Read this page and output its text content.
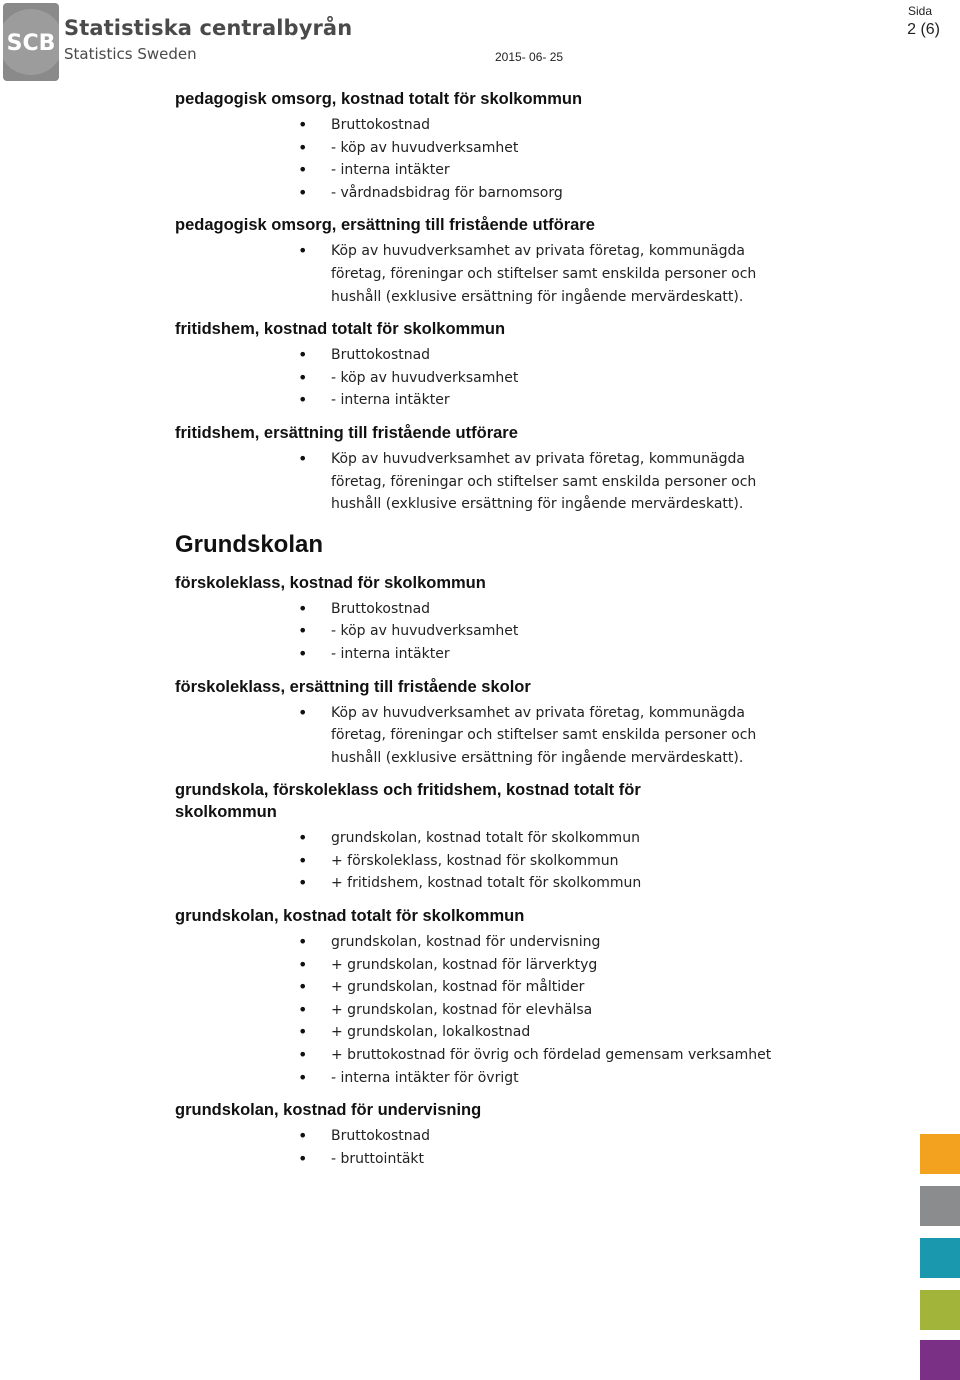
SCB
Statistiska centralbyrån
Statistics Sweden	2015- 06- 25
Sida
2 (6)
pedagogisk omsorg, kostnad totalt för skolkommun
• Bruttokostnad
• - köp av huvudverksamhet
• - interna intäkter
• - vårdnadsbidrag för barnomsorg
pedagogisk omsorg, ersättning till fristående utförare
• Köp av huvudverksamhet av privata företag, kommunägda företag, föreningar och stiftelser samt enskilda personer och hushåll (exklusive ersättning för ingående mervärdeskatt).
fritidshem, kostnad totalt för skolkommun
• Bruttokostnad
• - köp av huvudverksamhet
• - interna intäkter
fritidshem, ersättning till fristående utförare
• Köp av huvudverksamhet av privata företag, kommunägda företag, föreningar och stiftelser samt enskilda personer och hushåll (exklusive ersättning för ingående mervärdeskatt).
Grundskolan
förskoleklass, kostnad för skolkommun
• Bruttokostnad
• - köp av huvudverksamhet
• - interna intäkter
förskoleklass, ersättning till fristående skolor
• Köp av huvudverksamhet av privata företag, kommunägda företag, föreningar och stiftelser samt enskilda personer och hushåll (exklusive ersättning för ingående mervärdeskatt).
grundskola, förskoleklass och fritidshem, kostnad totalt för skolkommun
• grundskolan, kostnad totalt för skolkommun
• + förskoleklass, kostnad för skolkommun
• + fritidshem, kostnad totalt för skolkommun
grundskolan, kostnad totalt för skolkommun
• grundskolan, kostnad för undervisning
• + grundskolan, kostnad för lärverktyg
• + grundskolan, kostnad för måltider
• + grundskolan, kostnad för elevhälsa
• + grundskolan, lokalkostnad
• + bruttokostnad för övrig och fördelad gemensam verksamhet
• - interna intäkter för övrigt
grundskolan, kostnad för undervisning
• Bruttokostnad
• - bruttointäkt
